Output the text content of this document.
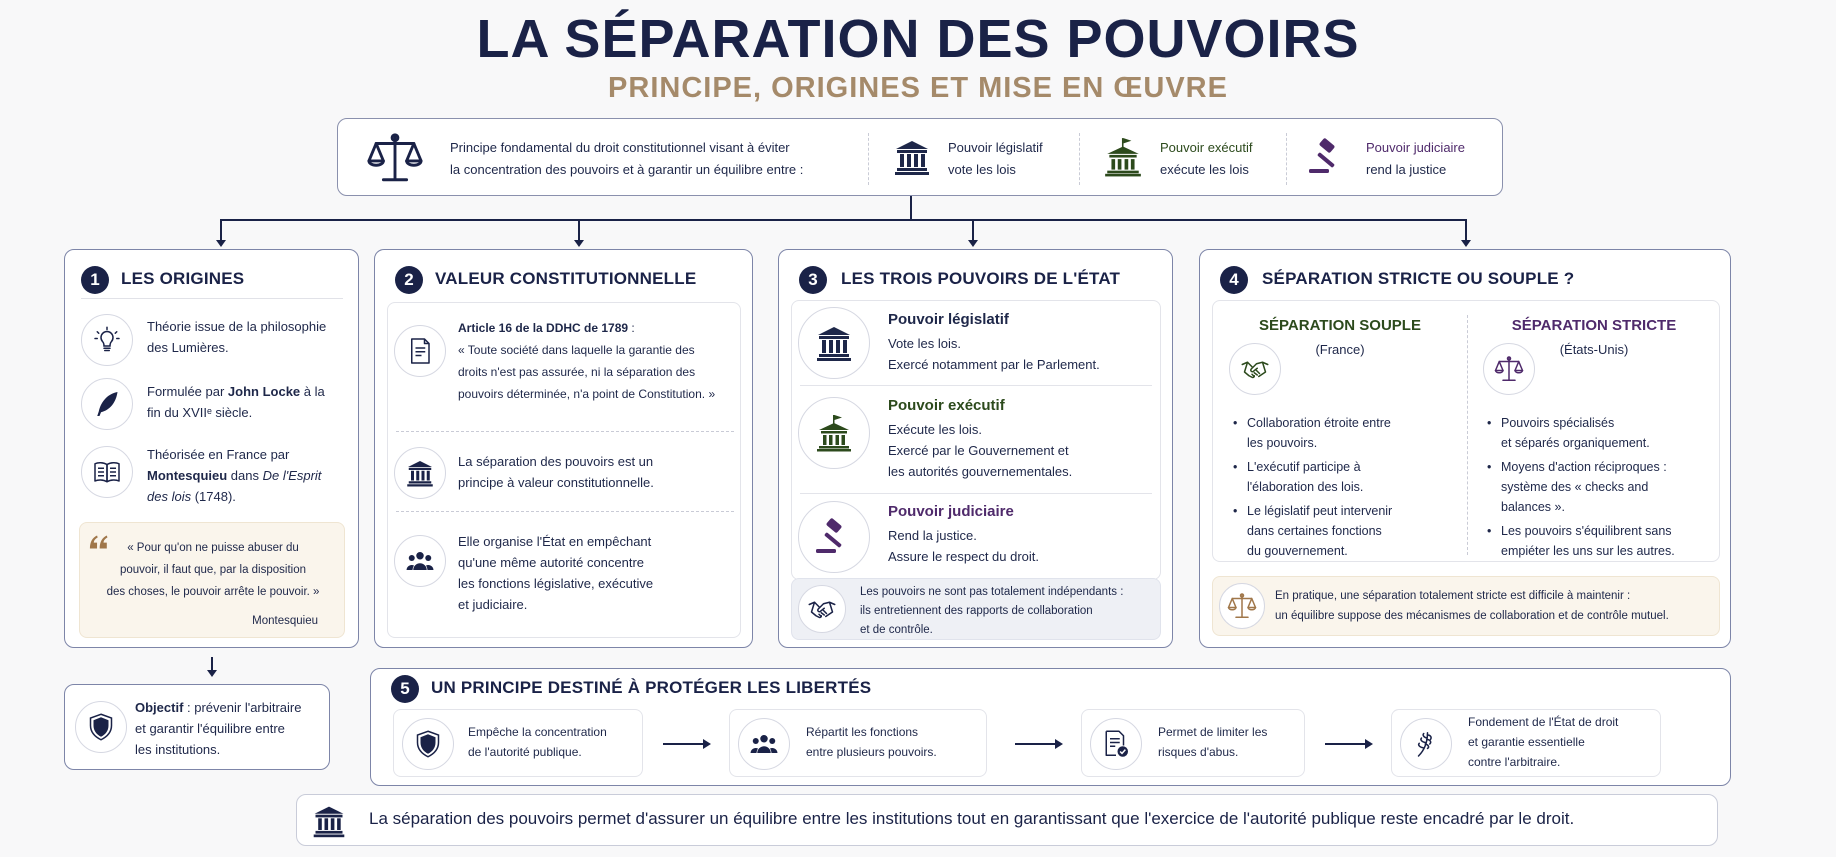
LA SÉPARATION DES POUVOIRS
PRINCIPE, ORIGINES ET MISE EN ŒUVRE
Principe fondamental du droit constitutionnel visant à éviter
la concentration des pouvoirs et à garantir un équilibre entre :
Pouvoir législatif
vote les lois
Pouvoir exécutif
exécute les lois
Pouvoir judiciaire
rend la justice
1	LES ORIGINES
Théorie issue de la philosophie
des Lumières.
Formulée par John Locke à la
fin du XVIIᵉ siècle.
Théorisée en France par
Montesquieu dans De l'Esprit
des lois (1748).
« Pour qu'on ne puisse abuser du
pouvoir, il faut que, par la disposition
des choses, le pouvoir arrête le pouvoir. »
Montesquieu
Objectif : prévenir l'arbitraire
et garantir l'équilibre entre
les institutions.
2	VALEUR CONSTITUTIONNELLE
Article 16 de la DDHC de 1789 :
« Toute société dans laquelle la garantie des
droits n'est pas assurée, ni la séparation des
pouvoirs déterminée, n'a point de Constitution. »
La séparation des pouvoirs est un
principe à valeur constitutionnelle.
Elle organise l'État en empêchant
qu'une même autorité concentre
les fonctions législative, exécutive
et judiciaire.
3	LES TROIS POUVOIRS DE L'ÉTAT
Pouvoir législatif
Vote les lois.
Exercé notamment par le Parlement.
Pouvoir exécutif
Exécute les lois.
Exercé par le Gouvernement et
les autorités gouvernementales.
Pouvoir judiciaire
Rend la justice.
Assure le respect du droit.
Les pouvoirs ne sont pas totalement indépendants :
ils entretiennent des rapports de collaboration
et de contrôle.
4	SÉPARATION STRICTE OU SOUPLE ?
SÉPARATION SOUPLE
(France)
• Collaboration étroite entre
les pouvoirs.
• L'exécutif participe à
l'élaboration des lois.
• Le législatif peut intervenir
dans certaines fonctions
du gouvernement.
SÉPARATION STRICTE
(États-Unis)
• Pouvoirs spécialisés
et séparés organiquement.
• Moyens d'action réciproques :
système des « checks and
balances ».
• Les pouvoirs s'équilibrent sans
empiéter les uns sur les autres.
En pratique, une séparation totalement stricte est difficile à maintenir :
un équilibre suppose des mécanismes de collaboration et de contrôle mutuel.
5	UN PRINCIPE DESTINÉ À PROTÉGER LES LIBERTÉS
Empêche la concentration
de l'autorité publique.
Répartit les fonctions
entre plusieurs pouvoirs.
Permet de limiter les
risques d'abus.
Fondement de l'État de droit
et garantie essentielle
contre l'arbitraire.
La séparation des pouvoirs permet d'assurer un équilibre entre les institutions tout en garantissant que l'exercice de l'autorité publique reste encadré par le droit.
